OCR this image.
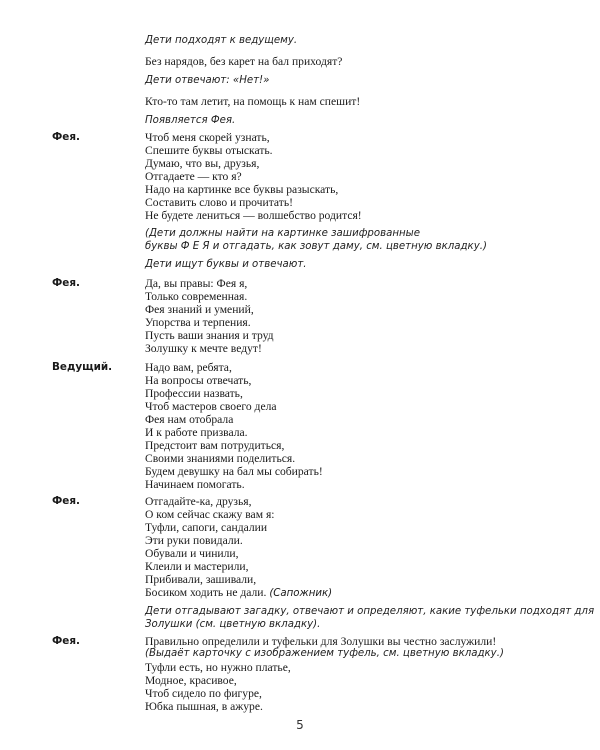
Дети подходят к ведущему.
Без нарядов, без карет на бал приходят?
Дети отвечают: «Нет!»
Кто-то там летит, на помощь к нам спешит!
Появляется Фея.
Фея.	Чтоб меня скорей узнать,
Спешите буквы отыскать.
Думаю, что вы, друзья,
Отгадаете — кто я?
Надо на картинке все буквы разыскать,
Составить слово и прочитать!
Не будете лениться — волшебство родится!
(Дети должны найти на картинке зашифрованные
буквы Ф Е Я и отгадать, как зовут даму, см. цветную вкладку.)
Дети ищут буквы и отвечают.
Фея.	Да, вы правы: Фея я,
Только современная.
Фея знаний и умений,
Упорства и терпения.
Пусть ваши знания и труд
Золушку к мечте ведут!
Ведущий.	Надо вам, ребята,
На вопросы отвечать,
Профессии назвать,
Чтоб мастеров своего дела
Фея нам отобрала
И к работе призвала.
Предстоит вам потрудиться,
Своими знаниями поделиться.
Будем девушку на бал мы собирать!
Начинаем помогать.
Фея.	Отгадайте-ка, друзья,
О ком сейчас скажу вам я:
Туфли, сапоги, сандалии
Эти руки повидали.
Обували и чинили,
Клеили и мастерили,
Прибивали, зашивали,
Босиком ходить не дали. (Сапожник)
Дети отгадывают загадку, отвечают и определяют, какие туфельки подходят для
Золушки (см. цветную вкладку).
Фея.	Правильно определили и туфельки для Золушки вы честно заслужили!
(Выдаёт карточку с изображением туфель, см. цветную вкладку.)
Туфли есть, но нужно платье,
Модное, красивое,
Чтоб сидело по фигуре,
Юбка пышная, в ажуре.
5
